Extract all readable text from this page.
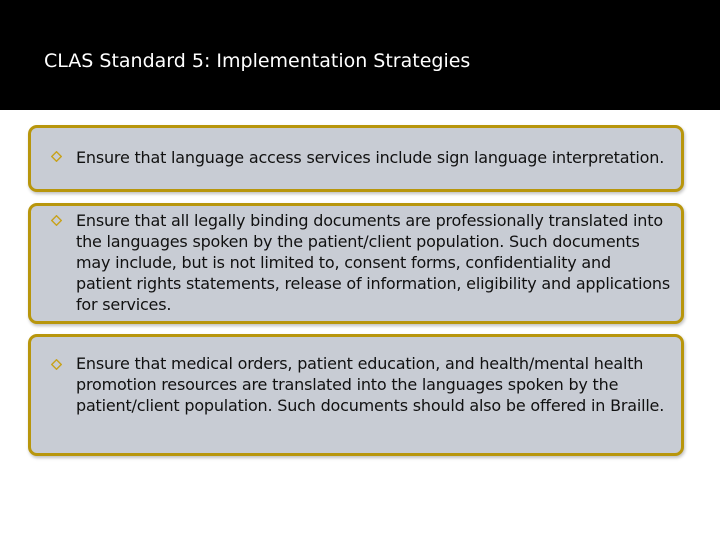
CLAS Standard 5: Implementation Strategies

Ensure that language access services include sign language interpretation.

Ensure that all legally binding documents are professionally translated into the languages spoken by the patient/client population. Such documents may include, but is not limited to, consent forms, confidentiality and patient rights statements, release of information, eligibility and applications for services.

Ensure that medical orders, patient education, and health/mental health promotion resources are translated into the languages spoken by the patient/client population. Such documents should also be offered in Braille.
